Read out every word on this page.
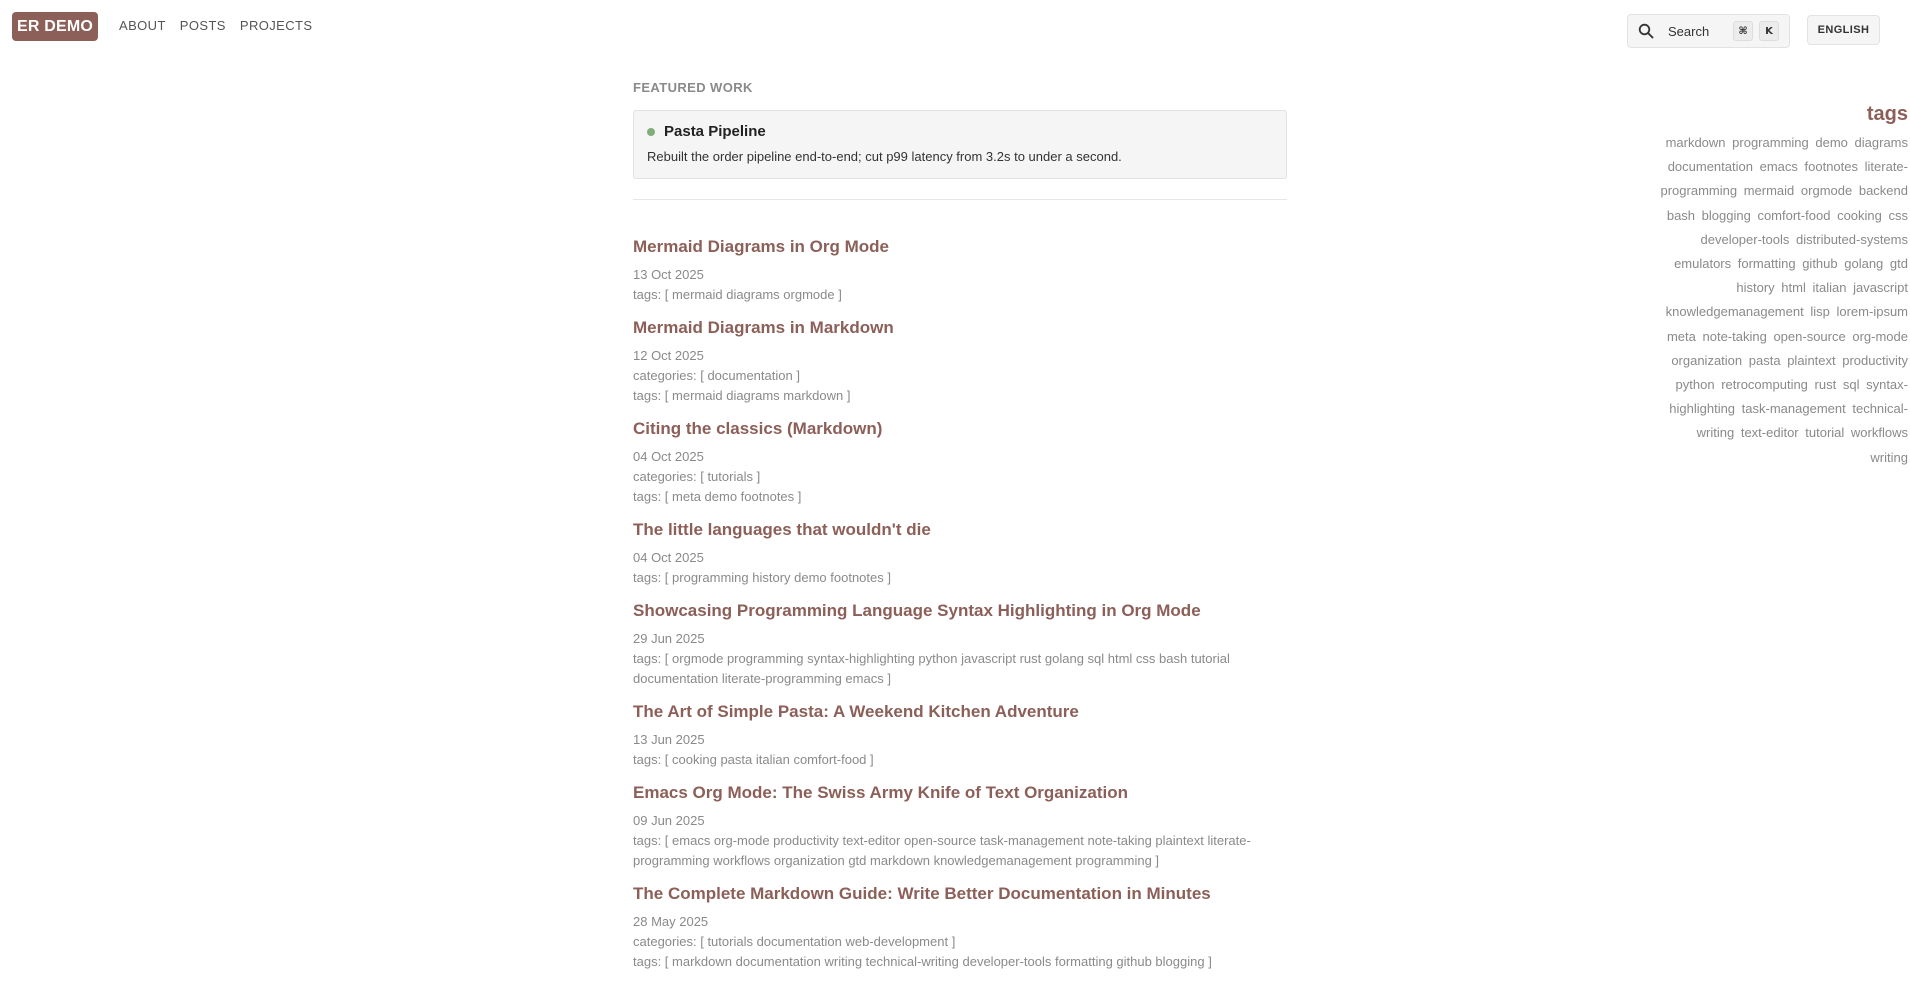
ER DEMO	ABOUT POSTS PROJECTS	Search	⌘	K	ENGLISH
FEATURED WORK
Pasta Pipeline
Rebuilt the order pipeline end-to-end; cut p99 latency from 3.2s to under a second.
Mermaid Diagrams in Org Mode
13 Oct 2025
tags: [ mermaid diagrams orgmode ]
Mermaid Diagrams in Markdown
12 Oct 2025
categories: [ documentation ]
tags: [ mermaid diagrams markdown ]
Citing the classics (Markdown)
04 Oct 2025
categories: [ tutorials ]
tags: [ meta demo footnotes ]
The little languages that wouldn't die
04 Oct 2025
tags: [ programming history demo footnotes ]
Showcasing Programming Language Syntax Highlighting in Org Mode
29 Jun 2025
tags: [ orgmode programming syntax-highlighting python javascript rust golang sql html css bash tutorial documentation literate-programming emacs ]
The Art of Simple Pasta: A Weekend Kitchen Adventure
13 Jun 2025
tags: [ cooking pasta italian comfort-food ]
Emacs Org Mode: The Swiss Army Knife of Text Organization
09 Jun 2025
tags: [ emacs org-mode productivity text-editor open-source task-management note-taking plaintext literate-programming workflows organization gtd markdown knowledgemanagement programming ]
The Complete Markdown Guide: Write Better Documentation in Minutes
28 May 2025
categories: [ tutorials documentation web-development ]
tags: [ markdown documentation writing technical-writing developer-tools formatting github blogging ]
tags
markdown programming demo diagrams documentation emacs footnotes literate-programming mermaid orgmode backend bash blogging comfort-food cooking css developer-tools distributed-systems emulators formatting github golang gtd history html italian javascript knowledgemanagement lisp lorem-ipsum meta note-taking open-source org-mode organization pasta plaintext productivity python retrocomputing rust sql syntax-highlighting task-management technical-writing text-editor tutorial workflows writing
